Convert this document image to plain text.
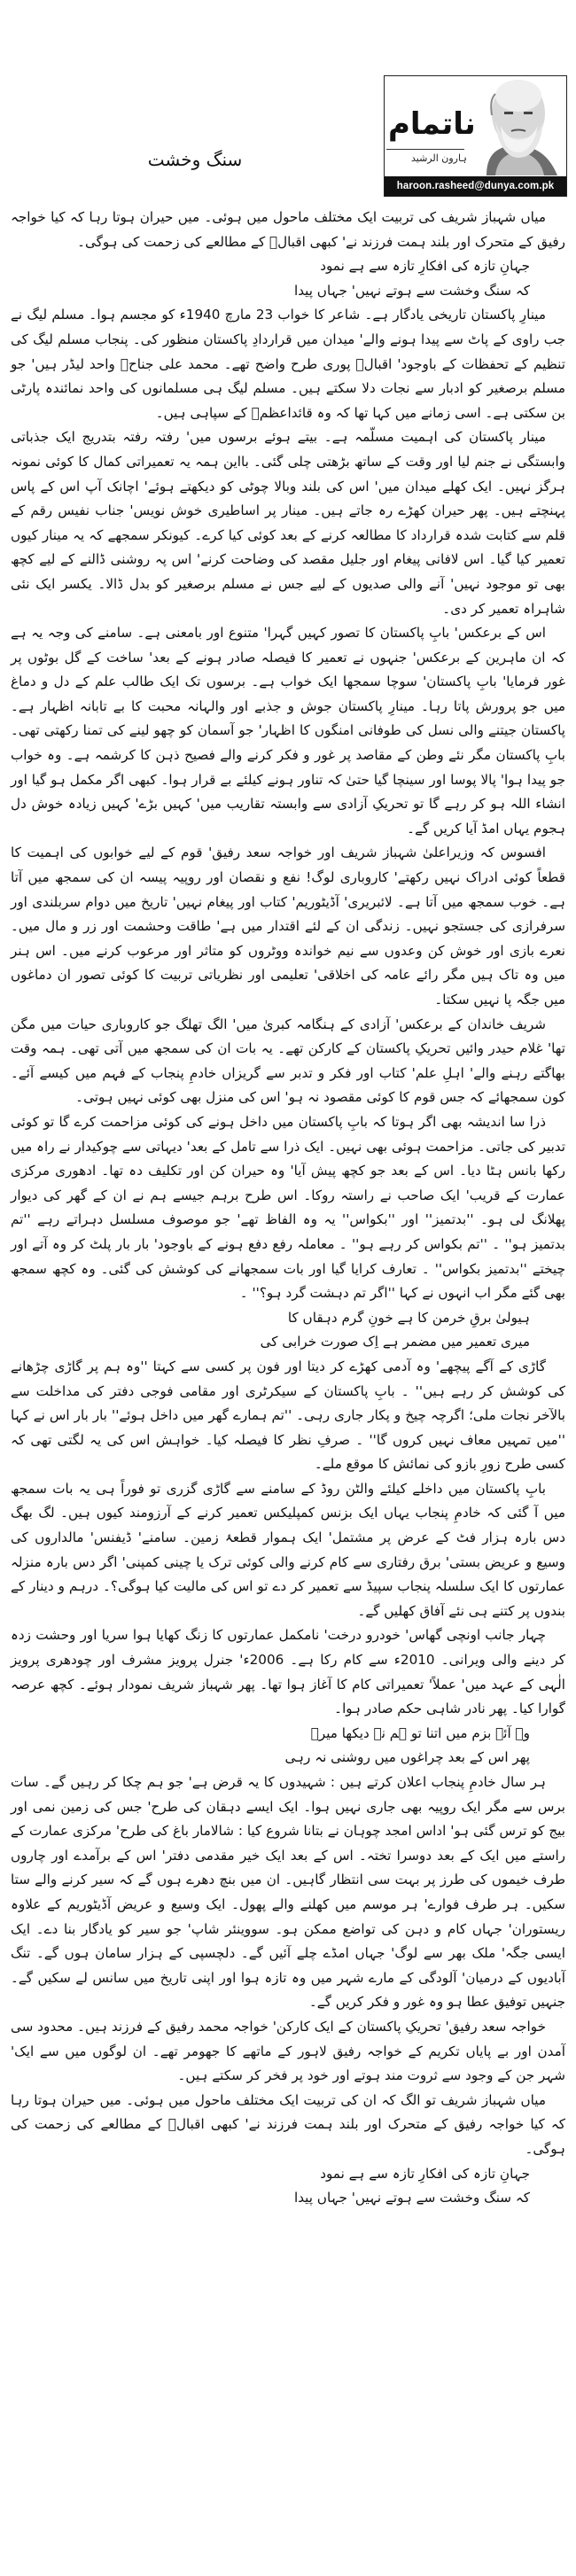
ناتمام
ہارون الرشید
haroon.rasheed@dunya.com.pk
سنگ وخشت

میاں شہباز شریف کی تربیت ایک مختلف ماحول میں ہوئی۔ میں حیران ہوتا رہا کہ کیا خواجہ رفیق کے متحرک اور بلند ہمت فرزند نے' کبھی اقبالؔ کے مطالعے کی زحمت کی ہوگی۔

جہانِ تازہ کی افکارِ تازہ سے ہے نمود

کہ سنگ وخشت سے ہوتے نہیں' جہاں پیدا

مینارِ پاکستان تاریخی یادگار ہے۔ شاعر کا خواب 23 مارچ 1940ء کو مجسم ہوا۔ مسلم لیگ نے جب راوی کے پاٹ سے پیدا ہونے والے' میدان میں قراردادِ پاکستان منظور کی۔ پنجاب مسلم لیگ کی تنظیم کے تحفظات کے باوجود' اقبالؔ پوری طرح واضح تھے۔ محمد علی جناحؒ واحد لیڈر ہیں' جو مسلم برصغیر کو ادبار سے نجات دلا سکتے ہیں۔ مسلم لیگ ہی مسلمانوں کی واحد نمائندہ پارٹی بن سکتی ہے۔ اسی زمانے میں کہا تھا کہ وہ قائداعظمؒ کے سپاہی ہیں۔

مینار پاکستان کی اہمیت مسلّمہ ہے۔ بیتے ہوئے برسوں میں' رفتہ رفتہ بتدریج ایک جذباتی وابستگی نے جنم لیا اور وقت کے ساتھ بڑھتی چلی گئی۔ بااین ہمہ یہ تعمیراتی کمال کا کوئی نمونہ ہرگز نہیں۔ ایک کھلے میدان میں' اس کی بلند وبالا چوٹی کو دیکھتے ہوئے' اچانک آپ اس کے پاس پہنچتے ہیں۔ پھر حیران کھڑے رہ جاتے ہیں۔ مینار پر اساطیری خوش نویس' جناب نفیس رقم کے قلم سے کتابت شدہ قرارداد کا مطالعہ کرنے کے بعد کوئی کیا کرے۔ کیونکر سمجھے کہ یہ مینار کیوں تعمیر کیا گیا۔ اس لافانی پیغام اور جلیل مقصد کی وضاحت کرنے' اس پہ روشنی ڈالنے کے لیے کچھ بھی تو موجود نہیں' آنے والی صدیوں کے لیے جس نے مسلم برصغیر کو بدل ڈالا۔ یکسر ایک نئی شاہراہ تعمیر کر دی۔

اس کے برعکس' بابِ پاکستان کا تصور کہیں گہرا' متنوع اور بامعنی ہے۔ سامنے کی وجہ یہ ہے کہ ان ماہرین کے برعکس' جنہوں نے تعمیر کا فیصلہ صادر ہونے کے بعد' ساخت کے گل بوٹوں پر غور فرمایا' بابِ پاکستان' سوچا سمجھا ایک خواب ہے۔ برسوں تک ایک طالب علم کے دل و دماغ میں جو پرورش پاتا رہا۔ مینارِ پاکستان جوش و جذبے اور والہانہ محبت کا بے تابانہ اظہار ہے۔ پاکستان جیتنے والی نسل کی طوفانی امنگوں کا اظہار' جو آسمان کو چھو لینے کی تمنا رکھتی تھی۔ بابِ پاکستان مگر نئے وطن کے مقاصد پر غور و فکر کرنے والے فصیح ذہن کا کرشمہ ہے۔ وہ خواب جو پیدا ہوا' پالا پوسا اور سینچا گیا حتیٰ کہ تناور ہونے کیلئے بے قرار ہوا۔ کبھی اگر مکمل ہو گیا اور انشاء اللہ ہو کر رہے گا تو تحریکِ آزادی سے وابستہ تقاریب میں' کہیں بڑے' کہیں زیادہ خوش دل ہجوم یہاں امڈ آیا کریں گے۔

افسوس کہ وزیراعلیٰ شہباز شریف اور خواجہ سعد رفیق' قوم کے لیے خوابوں کی اہمیت کا قطعاً کوئی ادراک نہیں رکھتے' کاروباری لوگ! نفع و نقصان اور روپیہ پیسہ ان کی سمجھ میں آتا ہے۔ خوب سمجھ میں آتا ہے۔ لائبریری' آڈیٹوریم' کتاب اور پیغام نہیں' تاریخ میں دوام سربلندی اور سرفرازی کی جستجو نہیں۔ زندگی ان کے لئے اقتدار میں ہے' طاقت وحشمت اور زر و مال میں۔ نعرے بازی اور خوش کن وعدوں سے نیم خواندہ ووٹروں کو متاثر اور مرعوب کرنے میں۔ اس ہنر میں وہ تاک ہیں مگر رائے عامہ کی اخلاقی' تعلیمی اور نظریاتی تربیت کا کوئی تصور ان دماغوں میں جگہ پا نہیں سکتا۔

شریف خاندان کے برعکس' آزادی کے ہنگامہ کبریٰ میں' الگ تھلگ جو کاروباری حیات میں مگن تھا' غلام حیدر وائیں تحریکِ پاکستان کے کارکن تھے۔ یہ بات ان کی سمجھ میں آتی تھی۔ ہمہ وقت بھاگتے رہنے والے' اہلِ علم' کتاب اور فکر و تدبر سے گریزاں خادمِ پنجاب کے فہم میں کیسے آئے۔ کون سمجھائے کہ جس قوم کا کوئی مقصود نہ ہو' اس کی منزل بھی کوئی نہیں ہوتی۔

ذرا سا اندیشہ بھی اگر ہوتا کہ بابِ پاکستان میں داخل ہونے کی کوئی مزاحمت کرے گا تو کوئی تدبیر کی جاتی۔ مزاحمت ہوئی بھی نہیں۔ ایک ذرا سے تامل کے بعد' دیہاتی سے چوکیدار نے راہ میں رکھا بانس ہٹا دیا۔ اس کے بعد جو کچھ پیش آیا' وہ حیران کن اور تکلیف دہ تھا۔ ادھوری مرکزی عمارت کے قریب' ایک صاحب نے راستہ روکا۔ اس طرح برہم جیسے ہم نے ان کے گھر کی دیوار پھلانگ لی ہو۔ ''بدتمیز'' اور ''بکواس'' یہ وہ الفاظ تھے' جو موصوف مسلسل دہراتے رہے ''تم بدتمیز ہو'' ۔ ''تم بکواس کر رہے ہو'' ۔ معاملہ رفع دفع ہونے کے باوجود' بار بار پلٹ کر وہ آتے اور چیختے ''بدتمیز بکواس'' ۔ تعارف کرایا گیا اور بات سمجھانے کی کوشش کی گئی۔ وہ کچھ سمجھ بھی گئے مگر اب انہوں نے کہا ''اگر تم دہشت گرد ہو؟'' ۔

ہیولیٰ برقِ خرمن کا ہے خونِ گرم دہقاں کا

میری تعمیر میں مضمر ہے اِک صورت خرابی کی

گاڑی کے آگے پیچھے' وہ آدمی کھڑے کر دیتا اور فون پر کسی سے کہتا ''وہ ہم پر گاڑی چڑھانے کی کوشش کر رہے ہیں'' ۔ بابِ پاکستان کے سیکرٹری اور مقامی فوجی دفتر کی مداخلت سے بالآخر نجات ملی؛ اگرچہ چیخ و پکار جاری رہی۔ ''تم ہمارے گھر میں داخل ہوئے'' بار بار اس نے کہا ''میں تمہیں معاف نہیں کروں گا'' ۔ صرفِ نظر کا فیصلہ کیا۔ خواہش اس کی یہ لگتی تھی کہ کسی طرح زورِ بازو کی نمائش کا موقع ملے۔

بابِ پاکستان میں داخلے کیلئے والٹن روڈ کے سامنے سے گاڑی گزری تو فوراً ہی یہ بات سمجھ میں آ گئی کہ خادمِ پنجاب یہاں ایک بزنس کمپلیکس تعمیر کرنے کے آرزومند کیوں ہیں۔ لگ بھگ دس بارہ ہزار فٹ کے عرض پر مشتمل' ایک ہموار قطعۂ زمین۔ سامنے' ڈیفنس' مالداروں کی وسیع و عریض بستی' برق رفتاری سے کام کرنے والی کوئی ترک یا چینی کمپنی' اگر دس بارہ منزلہ عمارتوں کا ایک سلسلہ پنجاب سپیڈ سے تعمیر کر دے تو اس کی مالیت کیا ہوگی؟۔ درہم و دینار کے بندوں پر کتنے ہی نئے آفاق کھلیں گے۔

چہار جانب اونچی گھاس' خودرو درخت' نامکمل عمارتوں کا زنگ کھایا ہوا سریا اور وحشت زدہ کر دینے والی ویرانی۔ 2010ء سے کام رکا ہے۔ 2006ء' جنرل پرویز مشرف اور چودھری پرویز الٰہی کے عہد میں' عملاً' تعمیراتی کام کا آغاز ہوا تھا۔ پھر شہباز شریف نمودار ہوئے۔ کچھ عرصہ گوارا کیا۔ پھر نادر شاہی حکم صادر ہوا۔

وہ آئے بزم میں اتنا تو ہم نے دیکھا میرؔ

پھر اس کے بعد چراغوں میں روشنی نہ رہی

ہر سال خادمِ پنجاب اعلان کرتے ہیں : شہیدوں کا یہ قرض ہے' جو ہم چکا کر رہیں گے۔ سات برس سے مگر ایک روپیہ بھی جاری نہیں ہوا۔ ایک ایسے دہقان کی طرح' جس کی زمین نمی اور بیج کو ترس گئی ہو' اداس امجد چوہان نے بتانا شروع کیا : شالامار باغ کی طرح' مرکزی عمارت کے راستے میں ایک کے بعد دوسرا تختہ۔ اس کے بعد ایک خیر مقدمی دفتر' اس کے برآمدے اور چاروں طرف خیموں کی طرز پر بہت سی انتظار گاہیں۔ ان میں بنچ دھرے ہوں گے کہ سیر کرنے والے ستا سکیں۔ ہر طرف فوارے' ہر موسم میں کھلنے والے پھول۔ ایک وسیع و عریض آڈیٹوریم کے علاوہ ریستوران' جہاں کام و دہن کی تواضع ممکن ہو۔ سووینئر شاپ' جو سیر کو یادگار بنا دے۔ ایک ایسی جگہ' ملک بھر سے لوگ' جہاں امڈے چلے آئیں گے۔ دلچسپی کے ہزار سامان ہوں گے۔ تنگ آبادیوں کے درمیان' آلودگی کے مارے شہر میں وہ تازہ ہوا اور اپنی تاریخ میں سانس لے سکیں گے۔ جنہیں توفیق عطا ہو وہ غور و فکر کریں گے۔

خواجہ سعد رفیق' تحریکِ پاکستان کے ایک کارکن' خواجہ محمد رفیق کے فرزند ہیں۔ محدود سی آمدن اور بے پایاں تکریم کے خواجہ رفیق لاہور کے ماتھے کا جھومر تھے۔ ان لوگوں میں سے ایک' شہر جن کے وجود سے ثروت مند ہوتے اور خود پر فخر کر سکتے ہیں۔

میاں شہباز شریف تو الگ کہ ان کی تربیت ایک مختلف ماحول میں ہوئی۔ میں حیران ہوتا رہا کہ کیا خواجہ رفیق کے متحرک اور بلند ہمت فرزند نے' کبھی اقبالؔ کے مطالعے کی زحمت کی ہوگی۔

جہانِ تازہ کی افکارِ تازہ سے ہے نمود

کہ سنگ وخشت سے ہوتے نہیں' جہاں پیدا
